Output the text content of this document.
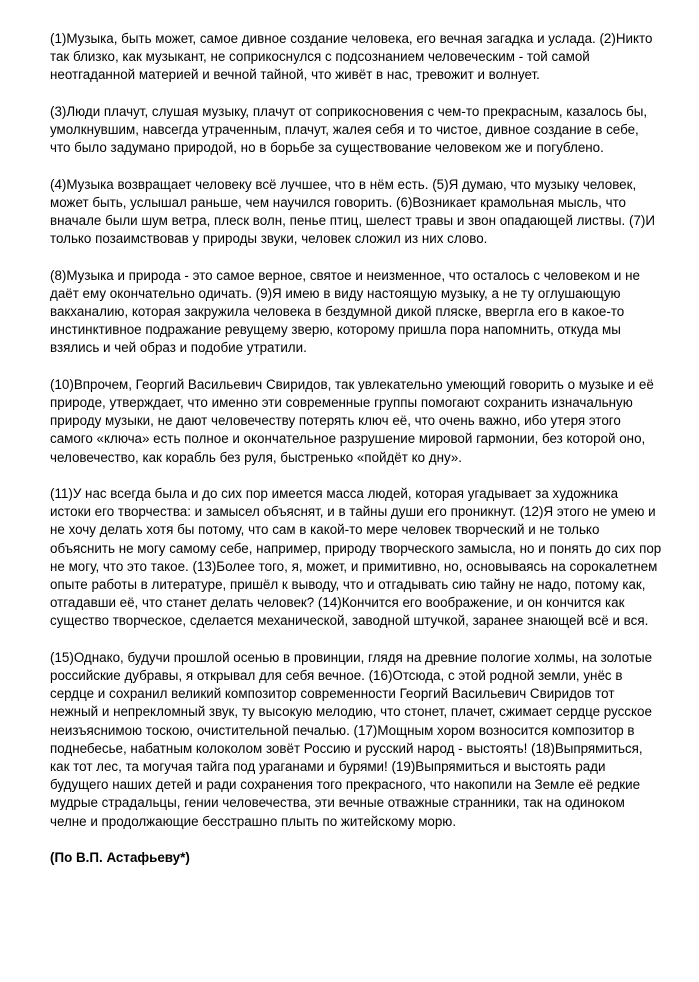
(1)Музыка, быть может, самое дивное создание человека, его вечная загадка и услада. (2)Никто так близко, как музыкант, не соприкоснулся с подсознанием человеческим - той самой неотгаданной материей и вечной тайной, что живёт в нас, тревожит и волнует.

(3)Люди плачут, слушая музыку, плачут от соприкосновения с чем-то прекрасным, казалось бы, умолкнувшим, навсегда утраченным, плачут, жалея себя и то чистое, дивное создание в себе, что было задумано природой, но в борьбе за существование человеком же и погублено.

(4)Музыка возвращает человеку всё лучшее, что в нём есть. (5)Я думаю, что музыку человек, может быть, услышал раньше, чем научился говорить. (6)Возникает крамольная мысль, что вначале были шум ветра, плеск волн, пенье птиц, шелест травы и звон опадающей листвы. (7)И только позаимствовав у природы звуки, человек сложил из них слово.

(8)Музыка и природа - это самое верное, святое и неизменное, что осталось с человеком и не даёт ему окончательно одичать. (9)Я имею в виду настоящую музыку, а не ту оглушающую вакханалию, которая закружила человека в бездумной дикой пляске, ввергла его в какое-то инстинктивное подражание ревущему зверю, которому пришла пора напомнить, откуда мы взялись и чей образ и подобие утратили.

(10)Впрочем, Георгий Васильевич Свиридов, так увлекательно умеющий говорить о музыке и её природе, утверждает, что именно эти современные группы помогают сохранить изначальную природу музыки, не дают человечеству потерять ключ её, что очень важно, ибо утеря этого самого «ключа» есть полное и окончательное разрушение мировой гармонии, без которой оно, человечество, как корабль без руля, быстренько «пойдёт ко дну».

(11)У нас всегда была и до сих пор имеется масса людей, которая угадывает за художника истоки его творчества: и замысел объяснят, и в тайны души его проникнут. (12)Я этого не умею и не хочу делать хотя бы потому, что сам в какой-то мере человек творческий и не только объяснить не могу самому себе, например, природу творческого замысла, но и понять до сих пор не могу, что это такое. (13)Более того, я, может, и примитивно, но, основываясь на сорокалетнем опыте работы в литературе, пришёл к выводу, что и отгадывать сию тайну не надо, потому как, отгадавши её, что станет делать человек? (14)Кончится его воображение, и он кончится как существо творческое, сделается механической, заводной штучкой, заранее знающей всё и вся.

(15)Однако, будучи прошлой осенью в провинции, глядя на древние пологие холмы, на золотые российские дубравы, я открывал для себя вечное. (16)Отсюда, с этой родной земли, унёс в сердце и сохранил великий композитор современности Георгий Васильевич Свиридов тот нежный и непрекломный звук, ту высокую мелодию, что стонет, плачет, сжимает сердце русское неизъяснимою тоскою, очистительной печалью. (17)Мощным хором возносится композитор в поднебесье, набатным колоколом зовёт Россию и русский народ - выстоять! (18)Выпрямиться, как тот лес, та могучая тайга под ураганами и бурями! (19)Выпрямиться и выстоять ради будущего наших детей и ради сохранения того прекрасного, что накопили на Земле её редкие мудрые страдальцы, гении человечества, эти вечные отважные странники, так на одиноком челне и продолжающие бесстрашно плыть по житейскому морю.

(По В.П. Астафьеву*)
